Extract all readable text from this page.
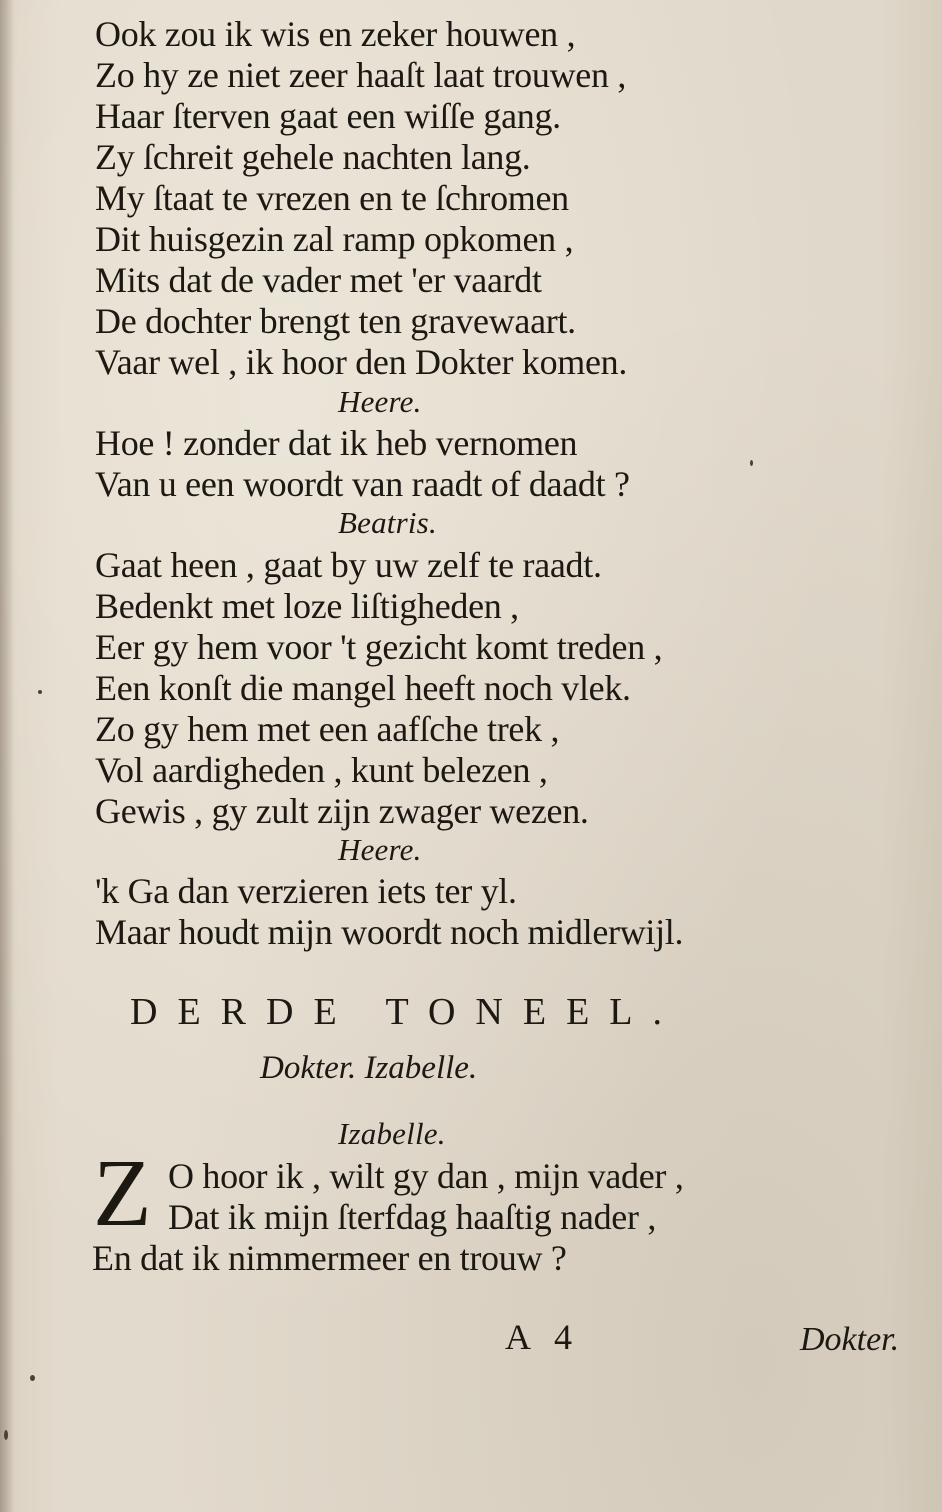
Ook zou ik wis en zeker houwen ,
Zo hy ze niet zeer haaſt laat trouwen ,
Haar ſterven gaat een wiſſe gang.
Zy ſchreit gehele nachten lang.
My ſtaat te vrezen en te ſchromen
Dit huisgezin zal ramp opkomen ,
Mits dat de vader met 'er vaardt
De dochter brengt ten gravewaart.
Vaar wel , ik hoor den Dokter komen.
Heere.
Hoe ! zonder dat ik heb vernomen
Van u een woordt van raadt of daadt ?
Beatris.
Gaat heen , gaat by uw zelf te raadt.
Bedenkt met loze liſtigheden ,
Eer gy hem voor 't gezicht komt treden ,
Een konſt die mangel heeft noch vlek.
Zo gy hem met een aafſche trek ,
Vol aardigheden , kunt belezen ,
Gewis , gy zult zijn zwager wezen.
Heere.
'k Ga dan verzieren iets ter yl.
Maar houdt mijn woordt noch midlerwijl.
DERDE TONEEL.
Dokter. Izabelle.
Izabelle.
Z O hoor ik , wilt gy dan , mijn vader ,
Dat ik mijn ſterfdag haaſtig nader ,
En dat ik nimmermeer en trouw ?
A 4	Dokter.
